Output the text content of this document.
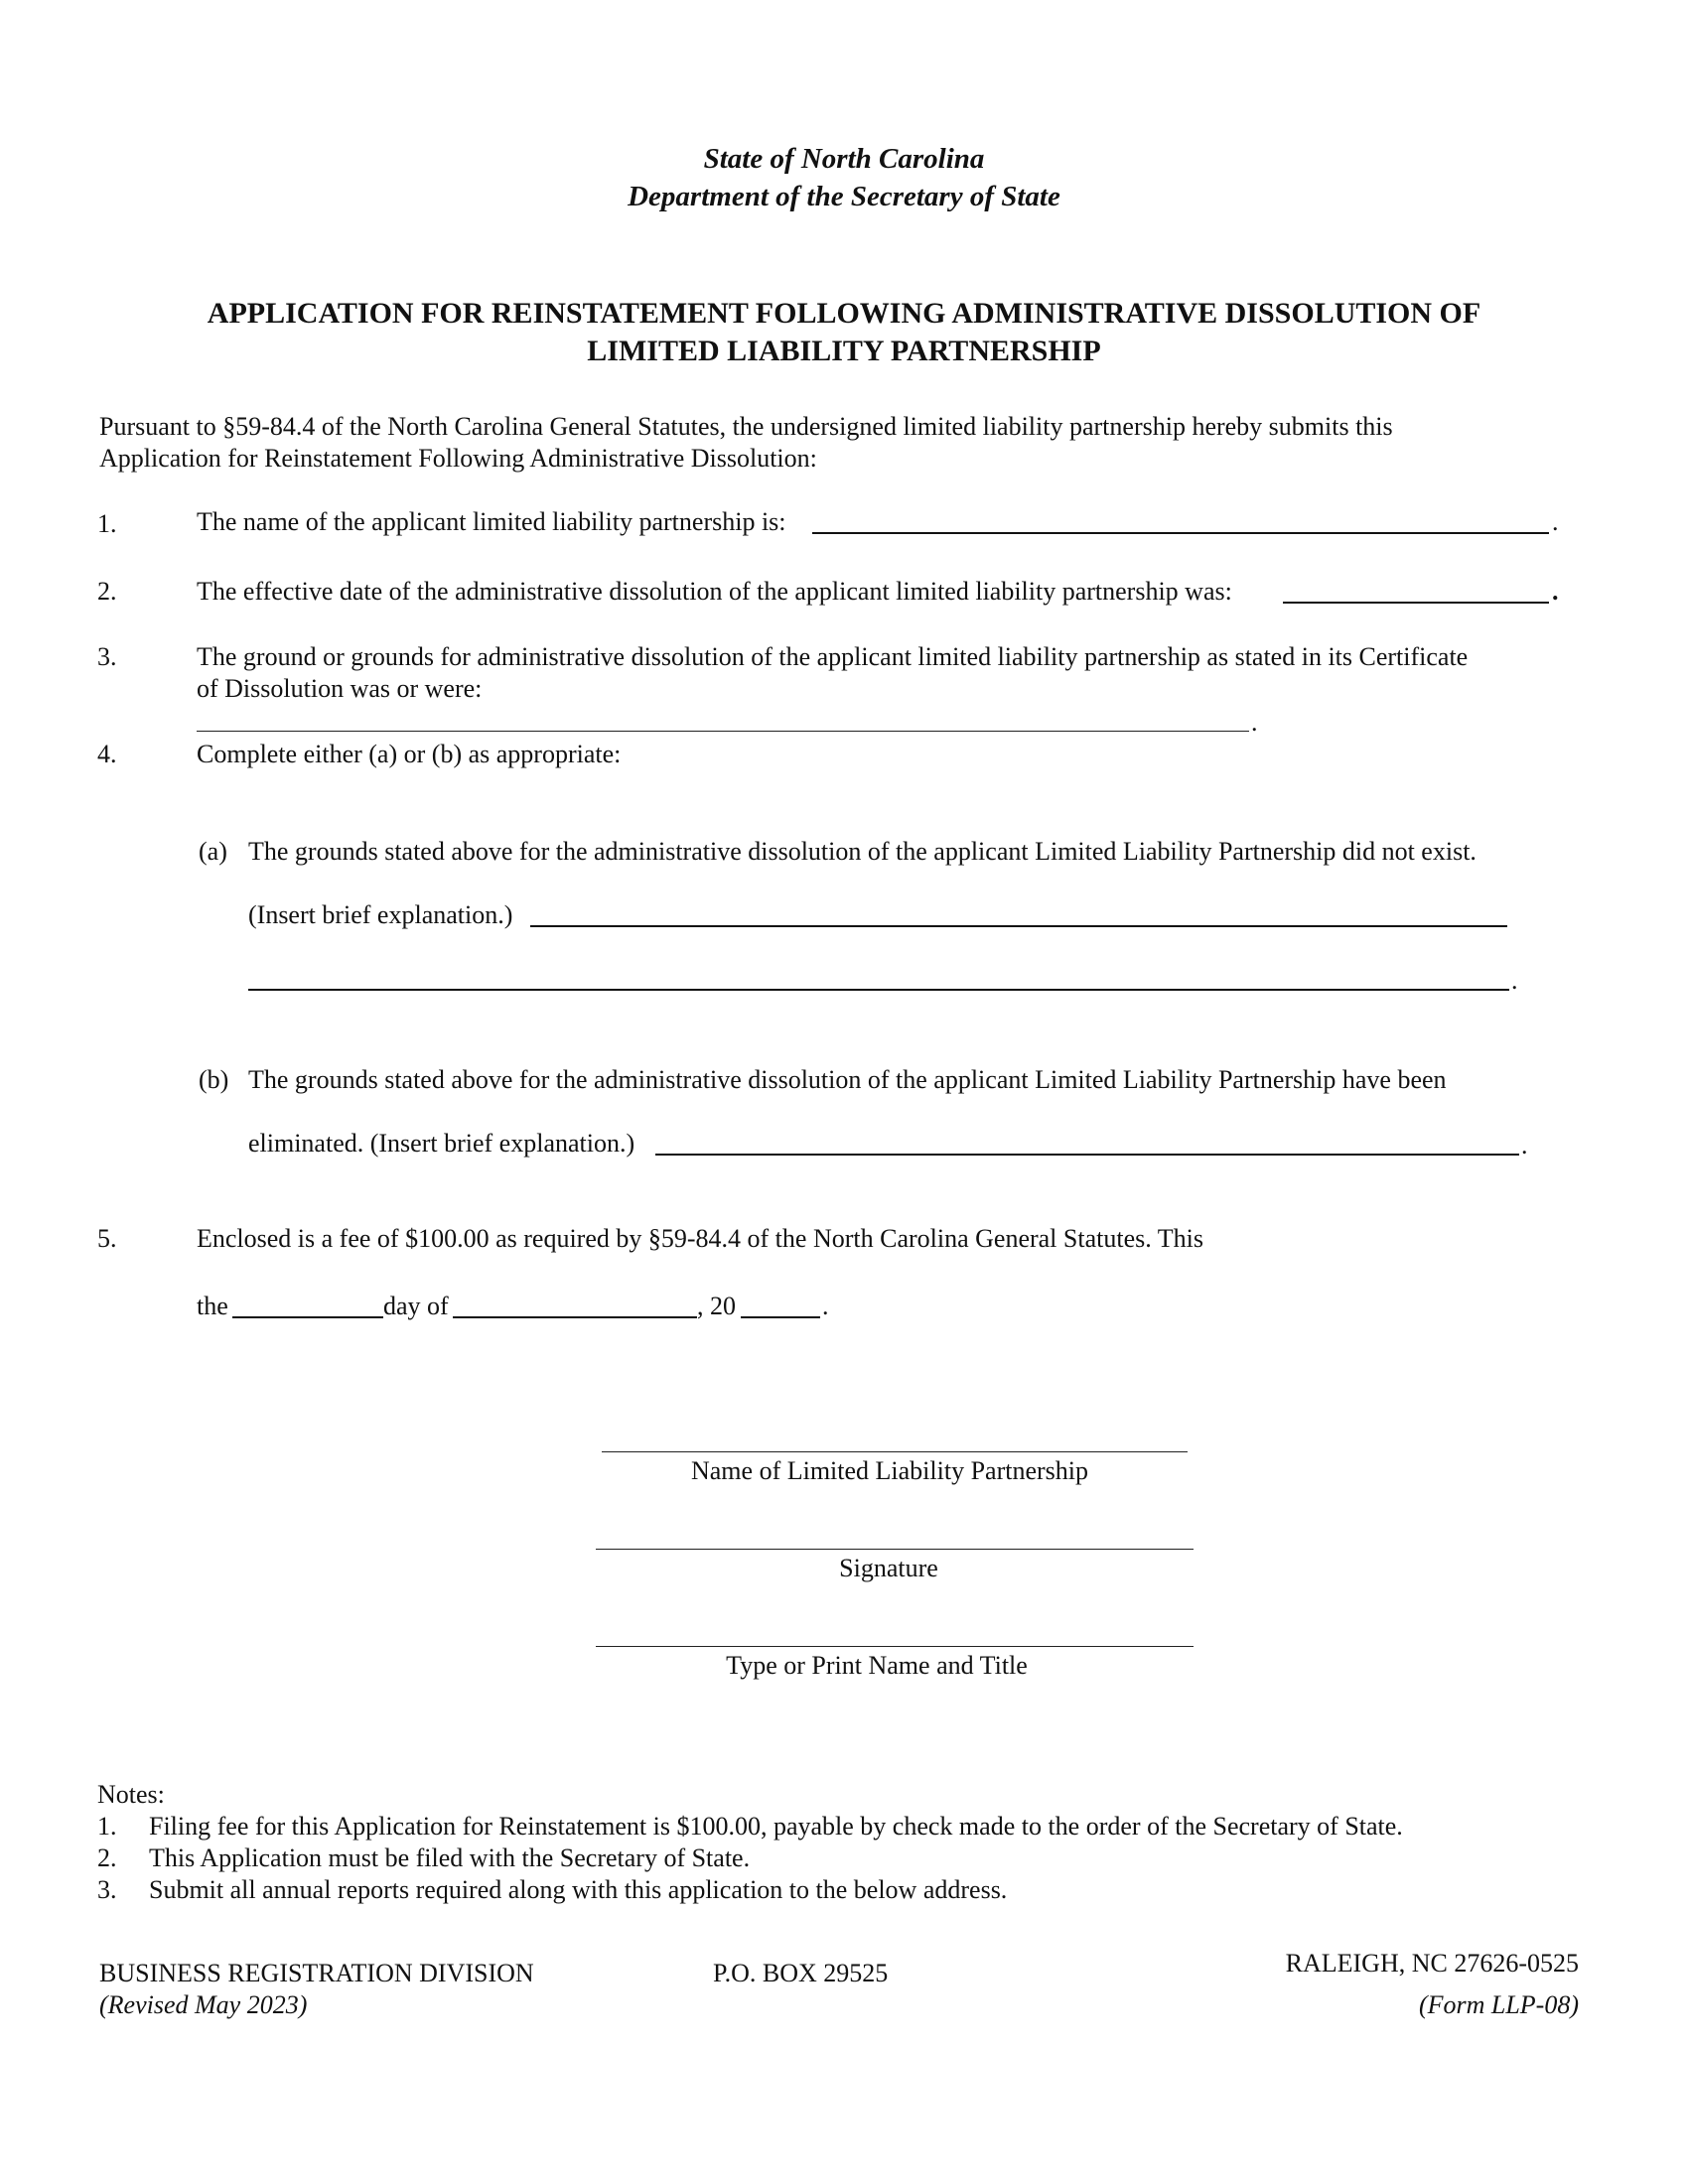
State of North Carolina
Department of the Secretary of State
APPLICATION FOR REINSTATEMENT FOLLOWING ADMINISTRATIVE DISSOLUTION OF
LIMITED LIABILITY PARTNERSHIP
Pursuant to §59-84.4 of the North Carolina General Statutes, the undersigned limited liability partnership hereby submits this
Application for Reinstatement Following Administrative Dissolution:
1.	The name of the applicant limited liability partnership is:	.
2.	The effective date of the administrative dissolution of the applicant limited liability partnership was:	.
3.	The ground or grounds for administrative dissolution of the applicant limited liability partnership as stated in its Certificate
of Dissolution was or were:
.
4.	Complete either (a) or (b) as appropriate:
(a) The grounds stated above for the administrative dissolution of the applicant Limited Liability Partnership did not exist.
(Insert brief explanation.)
.
(b) The grounds stated above for the administrative dissolution of the applicant Limited Liability Partnership have been
eliminated. (Insert brief explanation.)	.
5.	Enclosed is a fee of $100.00 as required by §59-84.4 of the North Carolina General Statutes. This
the	day of	, 20	.
Name of Limited Liability Partnership
Signature
Type or Print Name and Title
Notes:
1. Filing fee for this Application for Reinstatement is $100.00, payable by check made to the order of the Secretary of State.
2. This Application must be filed with the Secretary of State.
3. Submit all annual reports required along with this application to the below address.
BUSINESS REGISTRATION DIVISION	P.O. BOX 29525	RALEIGH, NC 27626-0525
(Revised May 2023)	(Form LLP-08)
